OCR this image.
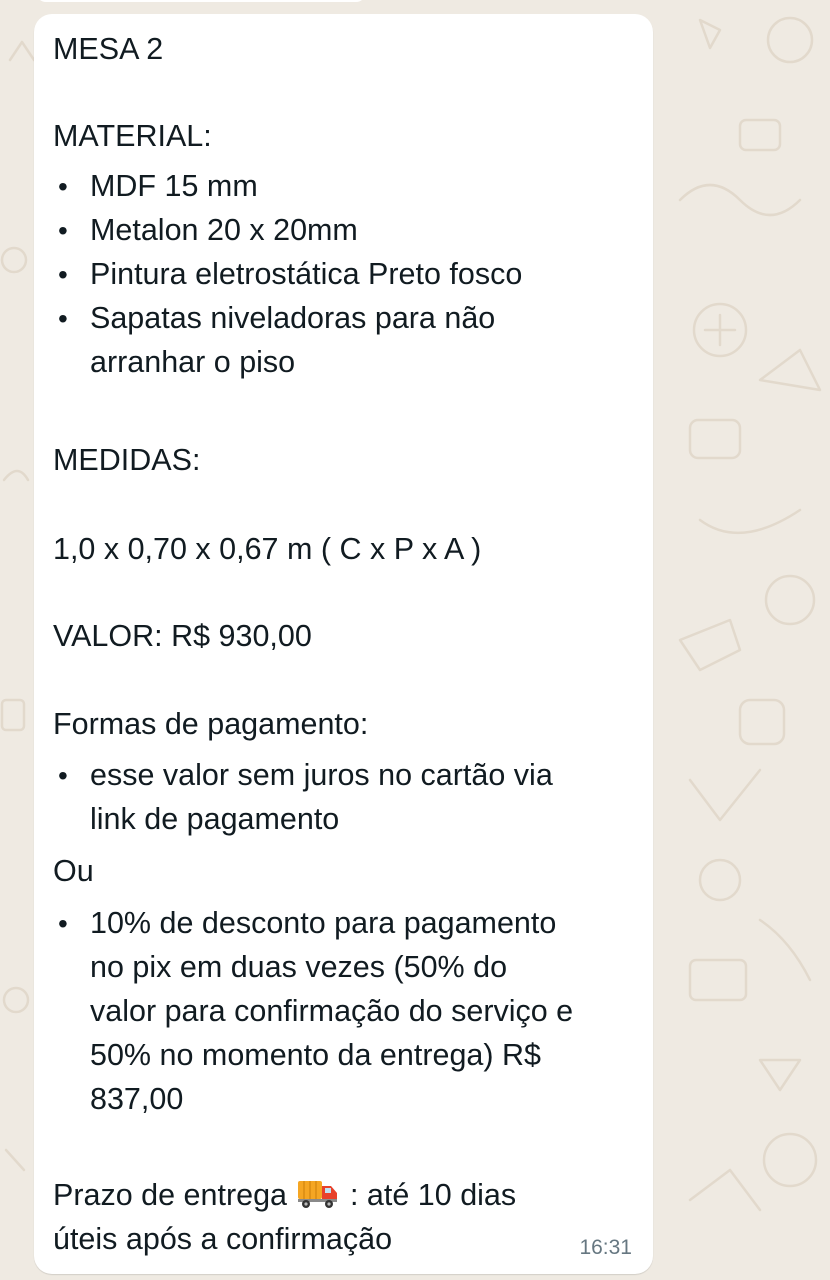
MESA 2
MATERIAL:
• MDF 15 mm
• Metalon 20 x 20mm
• Pintura eletrostática Preto fosco
• Sapatas niveladoras para não
arranhar o piso
MEDIDAS:
1,0 x 0,70 x 0,67 m ( C x P x A )
VALOR: R$ 930,00
Formas de pagamento:
• esse valor sem juros no cartão via
link de pagamento
Ou
• 10% de desconto para pagamento
no pix em duas vezes (50% do
valor para confirmação do serviço e
50% no momento da entrega) R$
837,00
Prazo de entrega : até 10 dias
úteis após a confirmação	16:31
